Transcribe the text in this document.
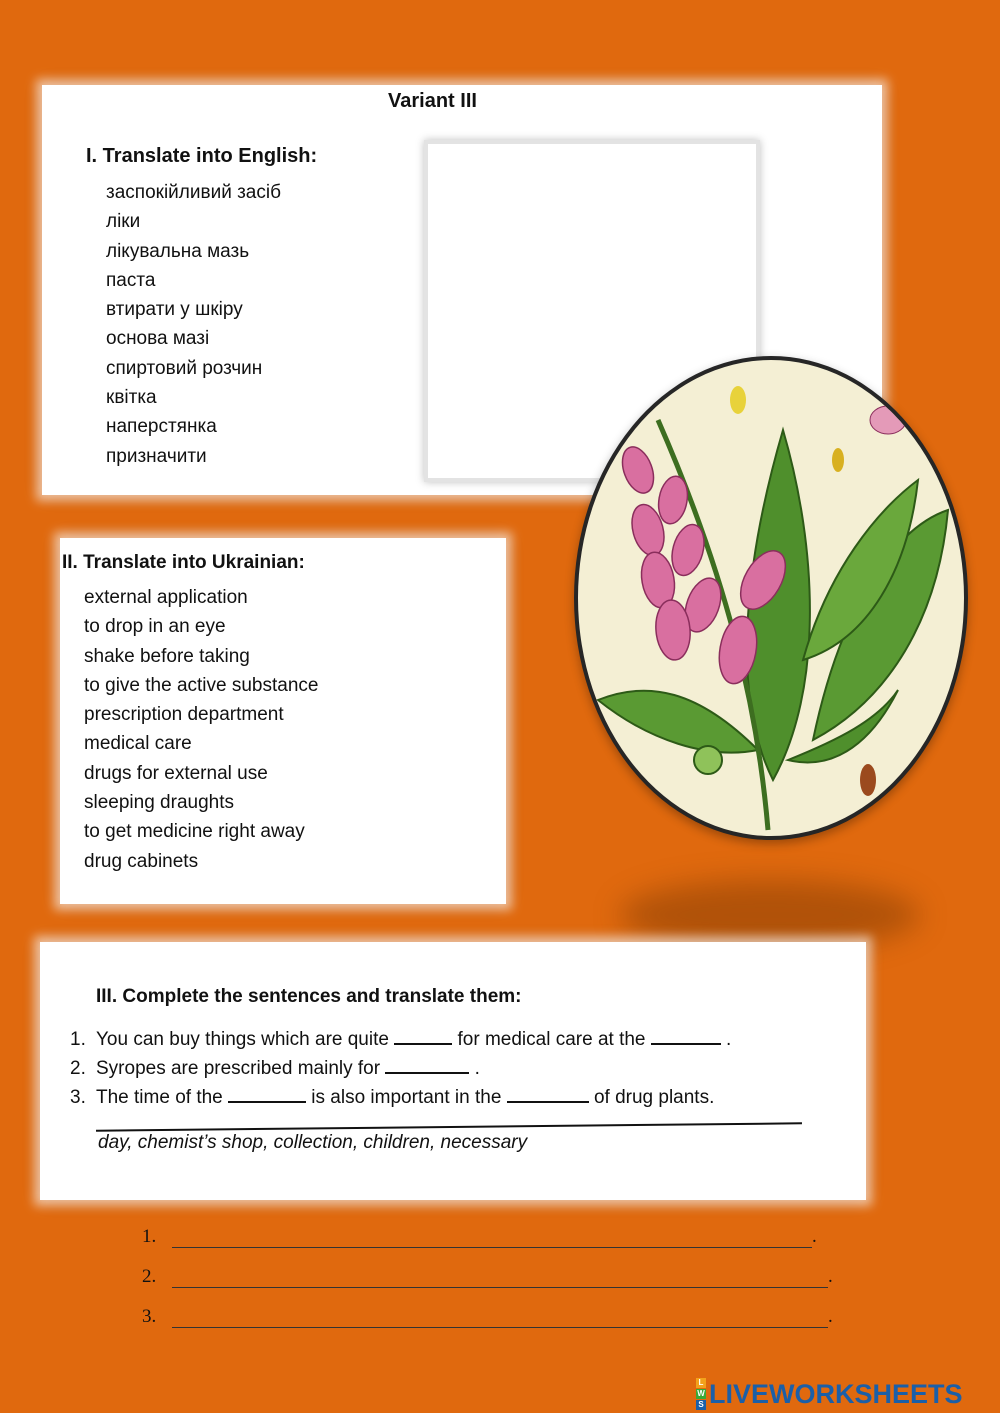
Variant III
I. Translate into English:
заспокійливий засіб
ліки
лікувальна мазь
паста
втирати у шкіру
основа мазі
спиртовий розчин
квітка
наперстянка
призначити
II. Translate into Ukrainian:
external application
to drop in an eye
shake before taking
to give the active substance
prescription department
medical care
drugs for external use
sleeping draughts
to get medicine right away
drug cabinets
III. Complete the sentences and translate them:
1. You can buy things which are quite	for medical care at the	.
2. Syropes are prescribed mainly for	.
3. The time of the	is also important in the	of drug plants.
day, chemist’s shop, collection, children, necessary
1.	.
2.	.
3.	.
L
W
S LIVEWORKSHEETS
